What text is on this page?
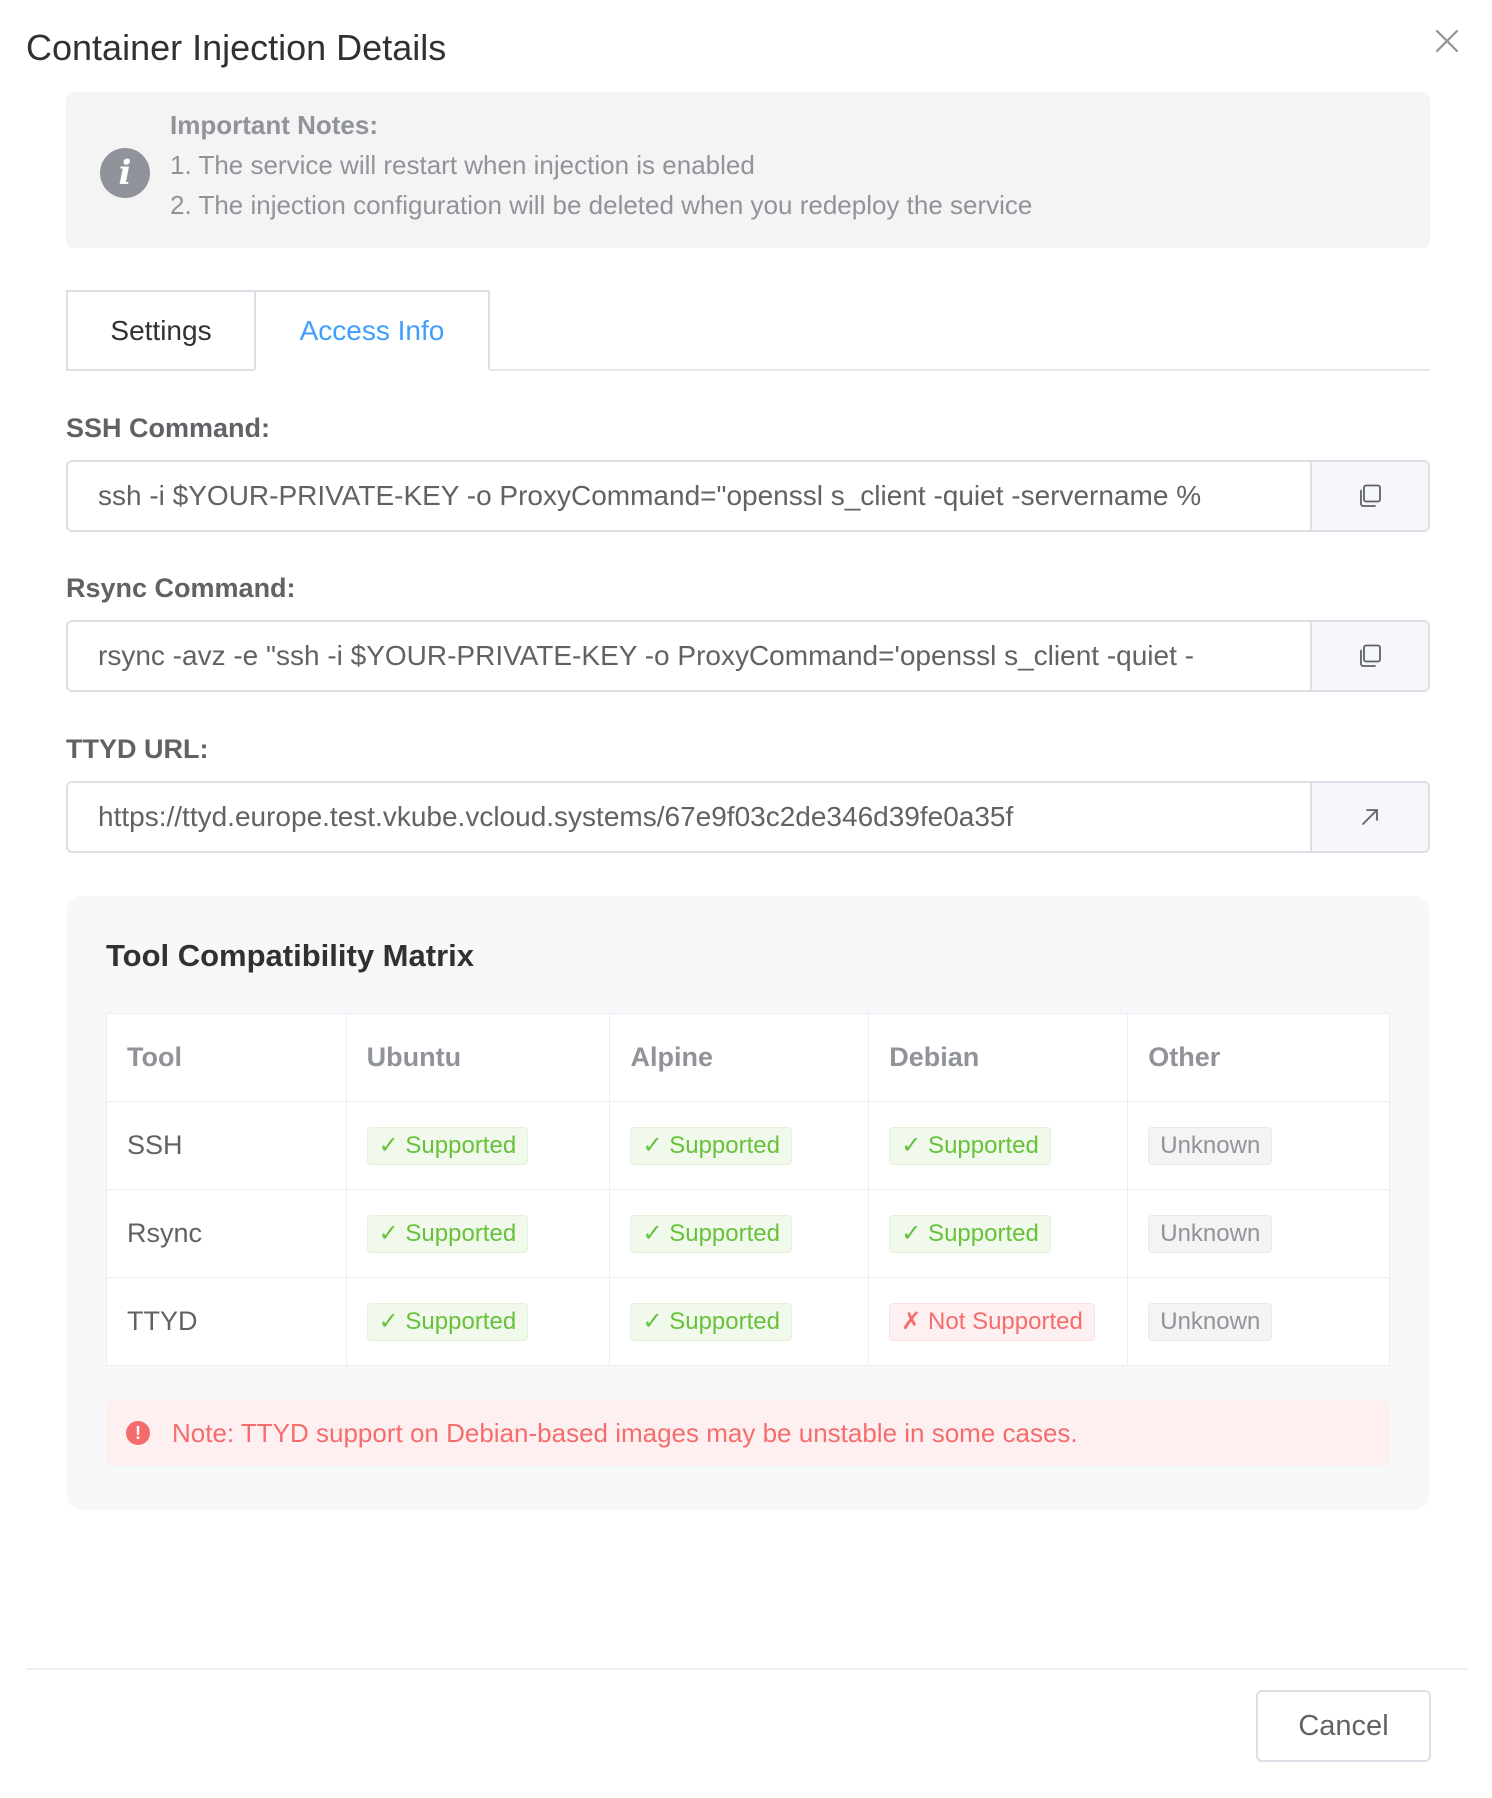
Container Injection Details
i
Important Notes:
1. The service will restart when injection is enabled
2. The injection configuration will be deleted when you redeploy the service
Settings	Access Info
SSH Command:
ssh -i $YOUR-PRIVATE-KEY -o ProxyCommand="openssl s_client -quiet -servername %
Rsync Command:
rsync -avz -e "ssh -i $YOUR-PRIVATE-KEY -o ProxyCommand='openssl s_client -quiet -
TTYD URL:
https://ttyd.europe.test.vkube.vcloud.systems/67e9f03c2de346d39fe0a35f
Tool Compatibility Matrix
Tool	Ubuntu	Alpine	Debian	Other
SSH	✓ Supported	✓ Supported	✓ Supported	Unknown
Rsync	✓ Supported	✓ Supported	✓ Supported	Unknown
TTYD	✓ Supported	✓ Supported	✗ Not Supported	Unknown
!	Note: TTYD support on Debian-based images may be unstable in some cases.
Cancel
